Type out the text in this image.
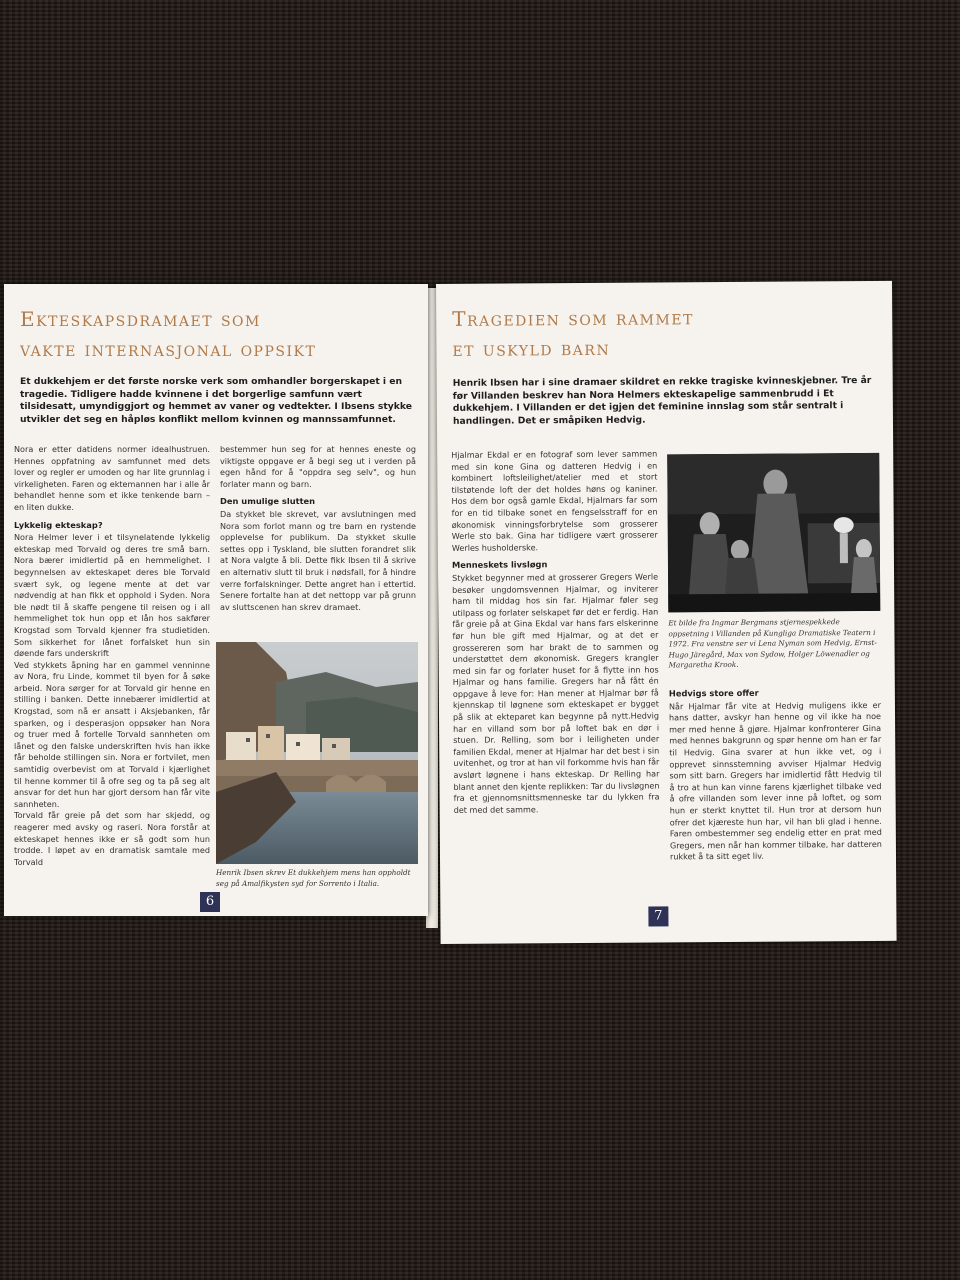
Ekteskapsdramaet som
vakte internasjonal oppsikt
Et dukkehjem er det første norske verk som omhandler borgerskapet i en tragedie. Tidligere hadde kvinnene i det borgerlige samfunn vært tilsidesatt, umyndiggjort og hemmet av vaner og vedtekter. I Ibsens stykke utvikler det seg en håpløs konflikt mellom kvinnen og mannssamfunnet.

Nora er etter datidens normer idealhustruen. Hennes oppfatning av samfunnet med dets lover og regler er umoden og har lite grunnlag i virkeligheten. Faren og ektemannen har i alle år behandlet henne som et ikke tenkende barn – en liten dukke.

Lykkelig ekteskap?

Nora Helmer lever i et tilsynelatende lykkelig ekteskap med Torvald og deres tre små barn. Nora bærer imidlertid på en hemmelighet. I begynnelsen av ekteskapet deres ble Torvald svært syk, og legene mente at det var nødvendig at han fikk et opphold i Syden. Nora ble nødt til å skaffe pengene til reisen og i all hemmelighet tok hun opp et lån hos sakfører Krogstad som Torvald kjenner fra studietiden. Som sikkerhet for lånet forfalsket hun sin døende fars underskrift

Ved stykkets åpning har en gammel venninne av Nora, fru Linde, kommet til byen for å søke arbeid. Nora sørger for at Torvald gir henne en stilling i banken. Dette innebærer imidlertid at Krogstad, som nå er ansatt i Aksjebanken, får sparken, og i desperasjon oppsøker han Nora og truer med å fortelle Torvald sannheten om lånet og den falske underskriften hvis han ikke får beholde stillingen sin. Nora er fortvilet, men samtidig overbevist om at Torvald i kjærlighet til henne kommer til å ofre seg og ta på seg alt ansvar for det hun har gjort dersom han får vite sannheten.

Torvald får greie på det som har skjedd, og reagerer med avsky og raseri. Nora forstår at ekteskapet hennes ikke er så godt som hun trodde. I løpet av en dramatisk samtale med Torvald

bestemmer hun seg for at hennes eneste og viktigste oppgave er å begi seg ut i verden på egen hånd for å "oppdra seg selv", og hun forlater mann og barn.

Den umulige slutten

Da stykket ble skrevet, var avslutningen med Nora som forlot mann og tre barn en rystende opplevelse for publikum. Da stykket skulle settes opp i Tyskland, ble slutten forandret slik at Nora valgte å bli. Dette fikk Ibsen til å skrive en alternativ slutt til bruk i nødsfall, for å hindre verre forfalskninger. Dette angret han i ettertid. Senere fortalte han at det nettopp var på grunn av sluttscenen han skrev dramaet.

Henrik Ibsen skrev Et dukkehjem mens han oppholdt seg på Amalfikysten syd for Sorrento i Italia.
6
Tragedien som rammet
et uskyld barn
Henrik Ibsen har i sine dramaer skildret en rekke tragiske kvinneskjebner. Tre år før Villanden beskrev han Nora Helmers ekteskapelige sammenbrudd i Et dukkehjem. I Villanden er det igjen det feminine innslag som står sentralt i handlingen. Det er småpiken Hedvig.

Hjalmar Ekdal er en fotograf som lever sammen med sin kone Gina og datteren Hedvig i en kombinert loftsleilighet/atelier med et stort tilstøtende loft der det holdes høns og kaniner. Hos dem bor også gamle Ekdal, Hjalmars far som for en tid tilbake sonet en fengselsstraff for en økonomisk vinningsforbrytelse som grosserer Werle sto bak. Gina har tidligere vært grosserer Werles husholderske.

Menneskets livsløgn

Stykket begynner med at grosserer Gregers Werle besøker ungdomsvennen Hjalmar, og inviterer ham til middag hos sin far. Hjalmar føler seg utilpass og forlater selskapet før det er ferdig. Han får greie på at Gina Ekdal var hans fars elskerinne før hun ble gift med Hjalmar, og at det er grossereren som har brakt de to sammen og understøttet dem økonomisk. Gregers krangler med sin far og forlater huset for å flytte inn hos Hjalmar og hans familie. Gregers har nå fått én oppgave å leve for: Han mener at Hjalmar bør få kjennskap til løgnene som ekteskapet er bygget på slik at ekteparet kan begynne på nytt.Hedvig har en villand som bor på loftet bak en dør i stuen. Dr. Relling, som bor i leiligheten under familien Ekdal, mener at Hjalmar har det best i sin uvitenhet, og tror at han vil forkomme hvis han får avslørt løgnene i hans ekteskap. Dr Relling har blant annet den kjente replikken: Tar du livsløgnen fra et gjennomsnittsmenneske tar du lykken fra det med det samme.

Et bilde fra Ingmar Bergmans stjernespekkede oppsetning i Villanden på Kungliga Dramatiske Teatern i 1972. Fra venstre ser vi Lena Nyman som Hedvig, Ernst-Hugo Järegård, Max von Sydow, Holger Löwenadler og Margaretha Krook.
Hedvigs store offer

Når Hjalmar får vite at Hedvig muligens ikke er hans datter, avskyr han henne og vil ikke ha noe mer med henne å gjøre. Hjalmar konfronterer Gina med hennes bakgrunn og spør henne om han er far til Hedvig. Gina svarer at hun ikke vet, og i opprevet sinnsstemning avviser Hjalmar Hedvig som sitt barn. Gregers har imidlertid fått Hedvig til å tro at hun kan vinne farens kjærlighet tilbake ved å ofre villanden som lever inne på loftet, og som hun er sterkt knyttet til. Hun tror at dersom hun ofrer det kjæreste hun har, vil han bli glad i henne. Faren ombestemmer seg endelig etter en prat med Gregers, men når han kommer tilbake, har datteren rukket å ta sitt eget liv.

7
